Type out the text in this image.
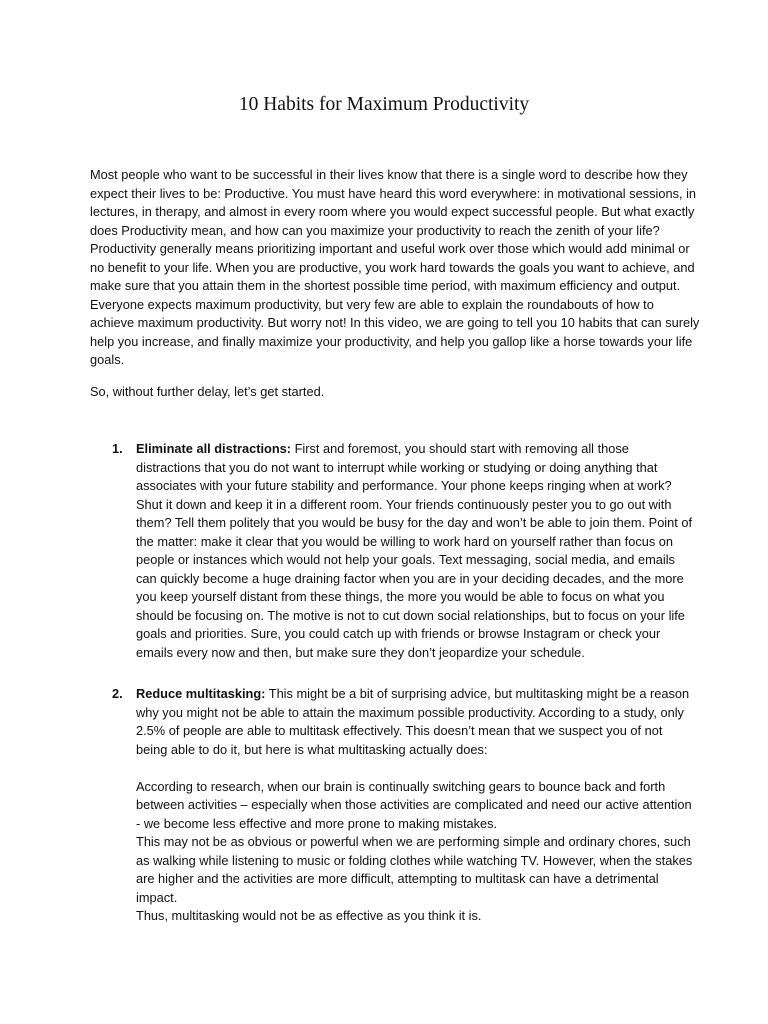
10 Habits for Maximum Productivity

Most people who want to be successful in their lives know that there is a single word to describe how they expect their lives to be: Productive. You must have heard this word everywhere: in motivational sessions, in lectures, in therapy, and almost in every room where you would expect successful people. But what exactly does Productivity mean, and how can you maximize your productivity to reach the zenith of your life? Productivity generally means prioritizing important and useful work over those which would add minimal or no benefit to your life. When you are productive, you work hard towards the goals you want to achieve, and make sure that you attain them in the shortest possible time period, with maximum efficiency and output. Everyone expects maximum productivity, but very few are able to explain the roundabouts of how to achieve maximum productivity. But worry not! In this video, we are going to tell you 10 habits that can surely help you increase, and finally maximize your productivity, and help you gallop like a horse towards your life goals.

So, without further delay, let’s get started.

1. Eliminate all distractions: First and foremost, you should start with removing all those distractions that you do not want to interrupt while working or studying or doing anything that associates with your future stability and performance. Your phone keeps ringing when at work? Shut it down and keep it in a different room. Your friends continuously pester you to go out with them? Tell them politely that you would be busy for the day and won’t be able to join them. Point of the matter: make it clear that you would be willing to work hard on yourself rather than focus on people or instances which would not help your goals. Text messaging, social media, and emails can quickly become a huge draining factor when you are in your deciding decades, and the more you keep yourself distant from these things, the more you would be able to focus on what you should be focusing on. The motive is not to cut down social relationships, but to focus on your life goals and priorities. Sure, you could catch up with friends or browse Instagram or check your emails every now and then, but make sure they don’t jeopardize your schedule.
2. Reduce multitasking: This might be a bit of surprising advice, but multitasking might be a reason why you might not be able to attain the maximum possible productivity. According to a study, only 2.5% of people are able to multitask effectively. This doesn’t mean that we suspect you of not being able to do it, but here is what multitasking actually does:
According to research, when our brain is continually switching gears to bounce back and forth between activities – especially when those activities are complicated and need our active attention - we become less effective and more prone to making mistakes.
This may not be as obvious or powerful when we are performing simple and ordinary chores, such as walking while listening to music or folding clothes while watching TV. However, when the stakes are higher and the activities are more difficult, attempting to multitask can have a detrimental impact.
Thus, multitasking would not be as effective as you think it is.
